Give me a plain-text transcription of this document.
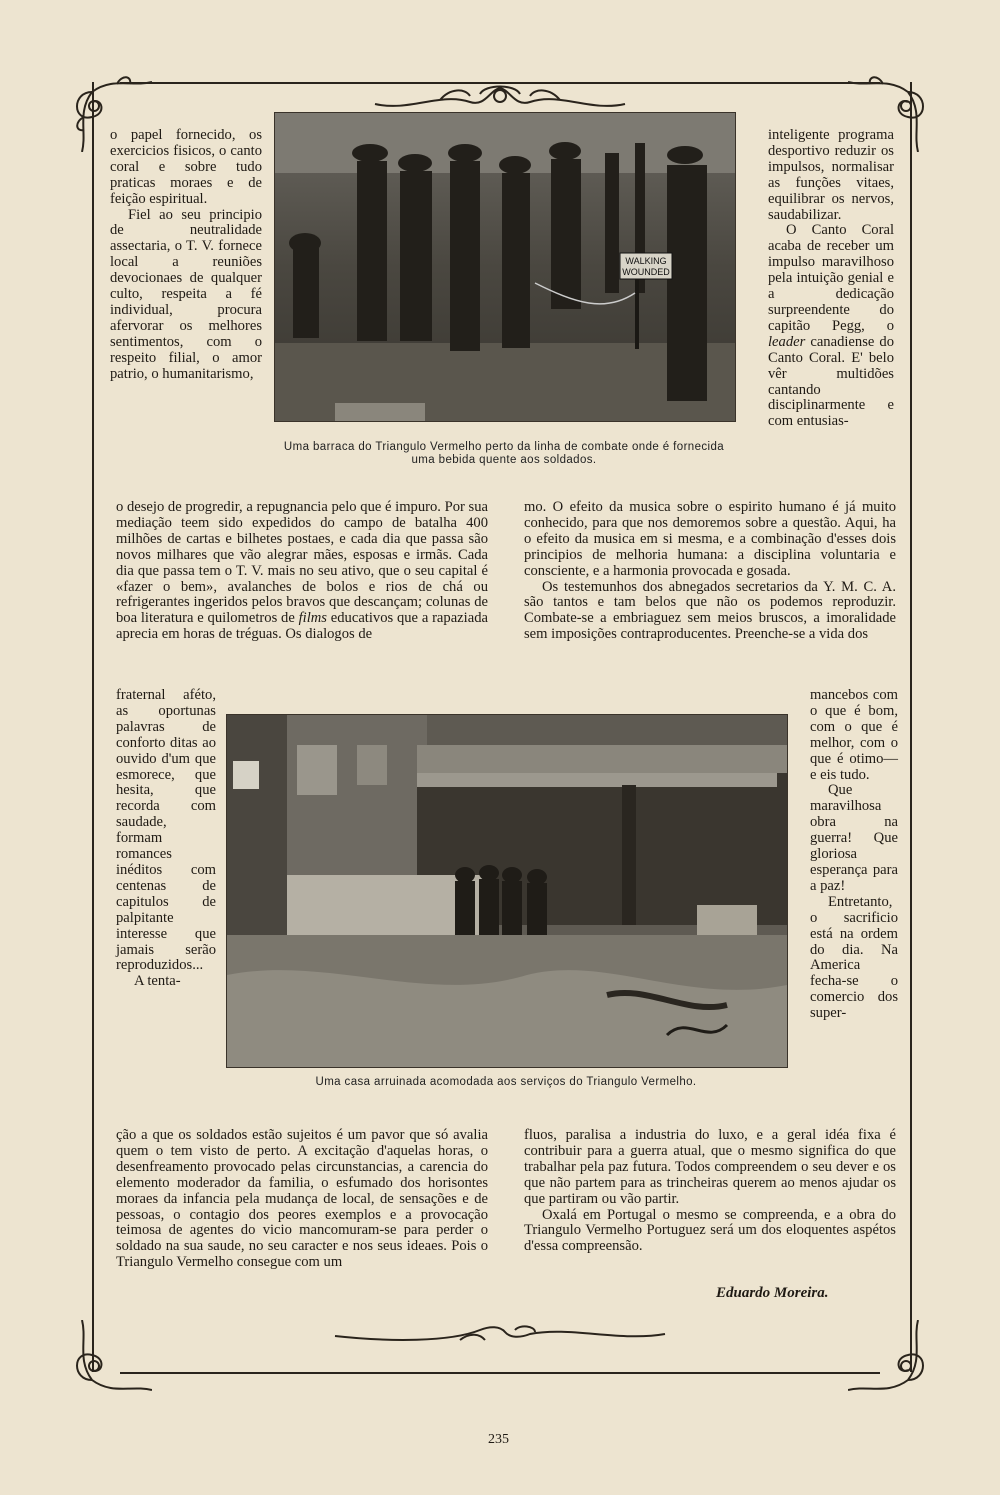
WALKING
WOUNDED
Uma barraca do Triangulo Vermelho perto da linha de combate onde é fornecida uma bebida quente aos soldados.

o papel fornecido, os exercicios fisicos, o canto coral e sobre tudo praticas moraes e de feição espiritual.

Fiel ao seu principio de neutralidade assectaria, o T. V. fornece local a reuniões devocionaes de qualquer culto, respeita a fé individual, procura afervorar os melhores sentimentos, com o respeito filial, o amor patrio, o humanitarismo,

inteligente programa desportivo reduzir os impulsos, normalisar as funções vitaes, equilibrar os nervos, saudabilizar.

O Canto Coral acaba de receber um impulso maravilhoso pela intuição genial e a dedicação surpreendente do capitão Pegg, o leader canadiense do Canto Coral. E' belo vêr multidões cantando disciplinarmente e com entusias-

o desejo de progredir, a repugnancia pelo que é impuro. Por sua mediação teem sido expedidos do campo de batalha 400 milhões de cartas e bilhetes postaes, e cada dia que passa são novos milhares que vão alegrar mães, esposas e irmãs. Cada dia que passa tem o T. V. mais no seu ativo, que o seu capital é «fazer o bem», avalanches de bolos e rios de chá ou refrigerantes ingeridos pelos bravos que descançam; colunas de boa literatura e quilometros de films educativos que a rapaziada aprecia em horas de tréguas. Os dialogos de

mo. O efeito da musica sobre o espirito humano é já muito conhecido, para que nos demoremos sobre a questão. Aqui, ha o efeito da musica em si mesma, e a combinação d'esses dois principios de melhoria humana: a disciplina voluntaria e consciente, e a harmonia provocada e gosada.

Os testemunhos dos abnegados secretarios da Y. M. C. A. são tantos e tam belos que não os podemos reproduzir. Combate-se a embriaguez sem meios bruscos, a imoralidade sem imposições contraproducentes. Preenche-se a vida dos

Uma casa arruinada acomodada aos serviços do Triangulo Vermelho.

fraternal aféto, as oportunas palavras de conforto ditas ao ouvido d'um que esmorece, que hesita, que recorda com saudade, formam romances inéditos com centenas de capitulos de palpitante interesse que jamais serão reproduzidos...

A tenta-

mancebos com o que é bom, com o que é melhor, com o que é otimo— e eis tudo.

Que maravilhosa obra na guerra! Que gloriosa esperança para a paz!

Entretanto, o sacrificio está na ordem do dia. Na America fecha-se o comercio dos super-

ção a que os soldados estão sujeitos é um pavor que só avalia quem o tem visto de perto. A excitação d'aquelas horas, o desenfreamento provocado pelas circunstancias, a carencia do elemento moderador da familia, o esfumado dos horisontes moraes da infancia pela mudança de local, de sensações e de pessoas, o contagio dos peores exemplos e a provocação teimosa de agentes do vicio mancomuram-se para perder o soldado na sua saude, no seu caracter e nos seus ideaes. Pois o Triangulo Vermelho consegue com um

fluos, paralisa a industria do luxo, e a geral idéa fixa é contribuir para a guerra atual, que o mesmo significa do que trabalhar pela paz futura. Todos compreendem o seu dever e os que não partem para as trincheiras querem ao menos ajudar os que partiram ou vão partir.

Oxalá em Portugal o mesmo se compreenda, e a obra do Triangulo Vermelho Portuguez será um dos eloquentes aspétos d'essa compreensão.

Eduardo Moreira.
235
